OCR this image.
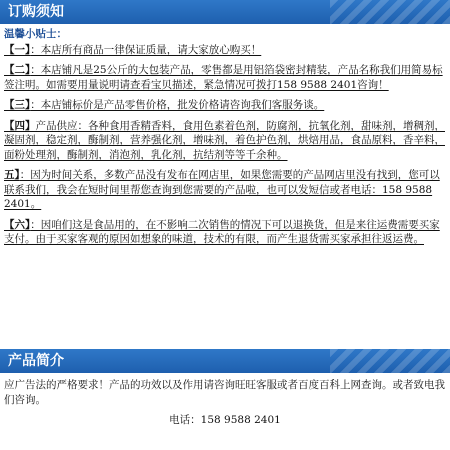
订购须知
温馨小贴士：
【一】：本店所有商品一律保证质量，请大家放心购买！
【二】：本店铺凡是25公斤的大包装产品，零售都是用铝箔袋密封精装，产品名称我们用简易标签注明。如需要用量说明请查看宝贝描述，紧急情况可拨打158 9588 2401咨询！
【三】：本店铺标价是产品零售价格，批发价格请咨询我们客服务谈。
【四】产品供应：各种食用香精香料，食用色素着色剂，防腐剂，抗氧化剂，甜味剂，增稠剂，凝固剂，稳定剂，酶制剂，营养强化剂，增味剂，着色护色剂，烘焙用品，食品原料，香辛料，面粉处理剂，酶制剂，消泡剂，乳化剂，抗结剂等等千余种。
五】：因为时间关系，多数产品没有发布在网店里，如果您需要的产品网店里没有找到，您可以联系我们，我会在短时间里帮您查询到您需要的产品啦，也可以发短信或者电话：158 9588 2401。
【六】：因咱们这是食品用的，在不影响二次销售的情况下可以退换货，但是来往运费需要买家支付。由于买家客观的原因如想象的味道，技术的有限，而产生退货需买家承担往返运费。
产品简介

应广告法的严格要求！产品的功效以及作用请咨询旺旺客服或者百度百科上网查询。或者致电我们咨询。

电话：158 9588 2401
